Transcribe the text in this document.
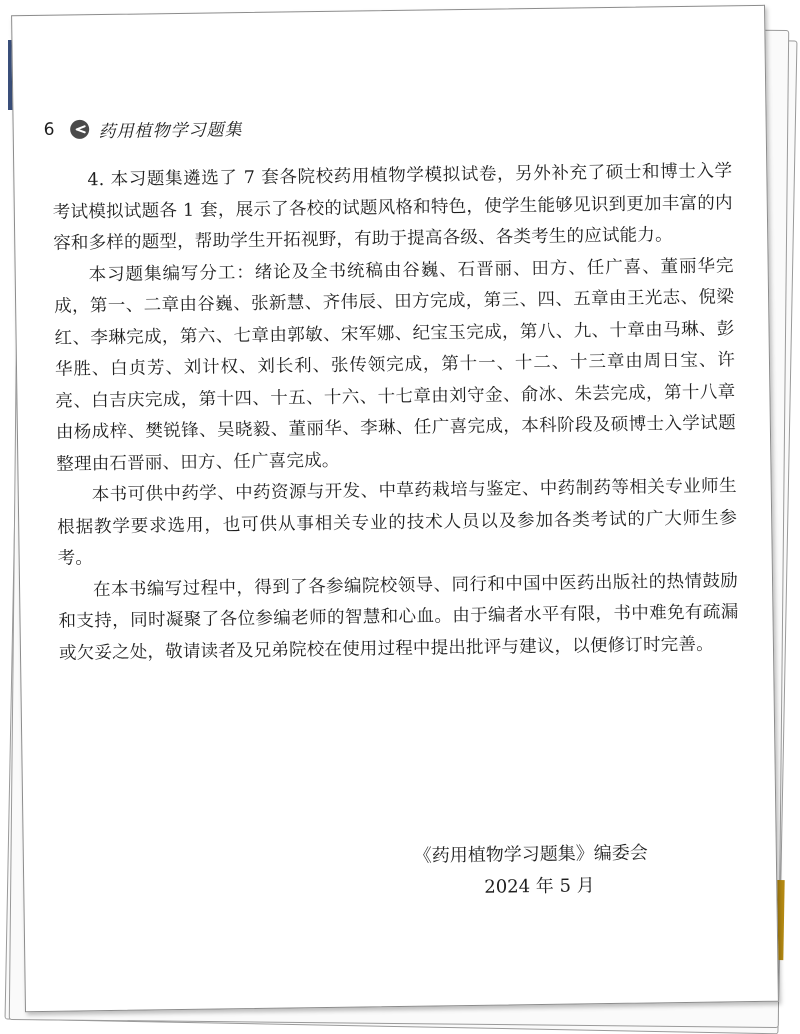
6	药用植物学习题集

4. 本习题集遴选了 7 套各院校药用植物学模拟试卷，另外补充了硕士和博士入学考试模拟试题各 1 套，展示了各校的试题风格和特色，使学生能够见识到更加丰富的内容和多样的题型，帮助学生开拓视野，有助于提高各级、各类考生的应试能力。

本习题集编写分工：绪论及全书统稿由谷巍、石晋丽、田方、任广喜、董丽华完成，第一、二章由谷巍、张新慧、齐伟辰、田方完成，第三、四、五章由王光志、倪梁红、李琳完成，第六、七章由郭敏、宋军娜、纪宝玉完成，第八、九、十章由马琳、彭华胜、白贞芳、刘计权、刘长利、张传领完成，第十一、十二、十三章由周日宝、许亮、白吉庆完成，第十四、十五、十六、十七章由刘守金、俞冰、朱芸完成，第十八章由杨成梓、樊锐锋、吴晓毅、董丽华、李琳、任广喜完成，本科阶段及硕博士入学试题整理由石晋丽、田方、任广喜完成。

本书可供中药学、中药资源与开发、中草药栽培与鉴定、中药制药等相关专业师生根据教学要求选用，也可供从事相关专业的技术人员以及参加各类考试的广大师生参考。

在本书编写过程中，得到了各参编院校领导、同行和中国中医药出版社的热情鼓励和支持，同时凝聚了各位参编老师的智慧和心血。由于编者水平有限，书中难免有疏漏或欠妥之处，敬请读者及兄弟院校在使用过程中提出批评与建议，以便修订时完善。

《药用植物学习题集》编委会

2024 年 5 月
